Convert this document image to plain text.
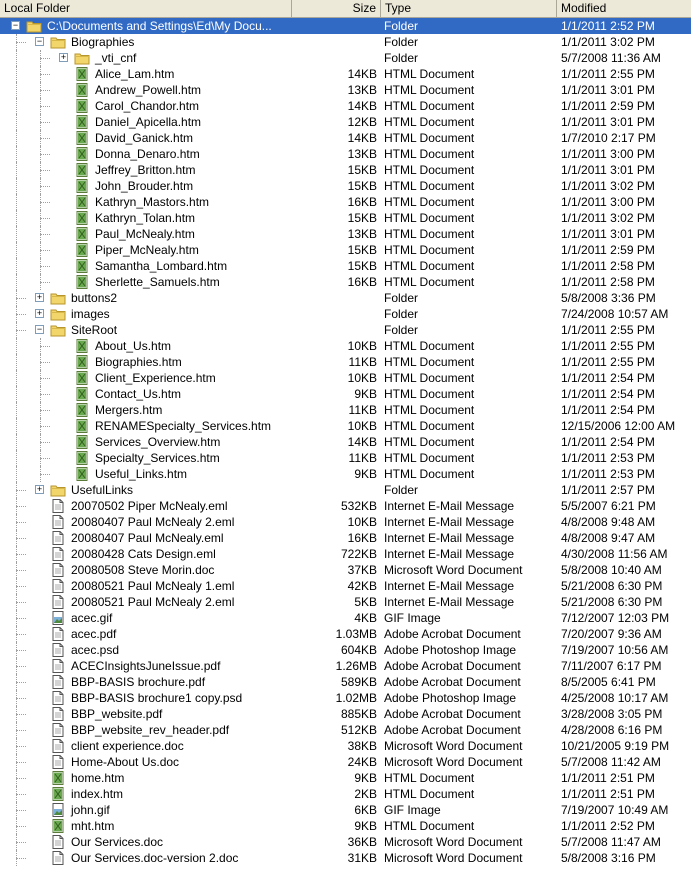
Local Folder	Size Type	Modified
− C:\Documents and Settings\Ed\My Docu...	Folder	1/1/2011 2:52 PM
− Biographies	Folder	1/1/2011 3:02 PM
+ _vti_cnf	Folder	5/7/2008 11:36 AM
Alice_Lam.htm	14KB HTML Document	1/1/2011 2:55 PM
Andrew_Powell.htm	13KB HTML Document	1/1/2011 3:01 PM
Carol_Chandor.htm	14KB HTML Document	1/1/2011 2:59 PM
Daniel_Apicella.htm	12KB HTML Document	1/1/2011 3:01 PM
David_Ganick.htm	14KB HTML Document	1/7/2010 2:17 PM
Donna_Denaro.htm	13KB HTML Document	1/1/2011 3:00 PM
Jeffrey_Britton.htm	15KB HTML Document	1/1/2011 3:01 PM
John_Brouder.htm	15KB HTML Document	1/1/2011 3:02 PM
Kathryn_Mastors.htm	16KB HTML Document	1/1/2011 3:00 PM
Kathryn_Tolan.htm	15KB HTML Document	1/1/2011 3:02 PM
Paul_McNealy.htm	13KB HTML Document	1/1/2011 3:01 PM
Piper_McNealy.htm	15KB HTML Document	1/1/2011 2:59 PM
Samantha_Lombard.htm	15KB HTML Document	1/1/2011 2:58 PM
Sherlette_Samuels.htm	16KB HTML Document	1/1/2011 2:58 PM
+ buttons2	Folder	5/8/2008 3:36 PM
+ images	Folder	7/24/2008 10:57 AM
− SiteRoot	Folder	1/1/2011 2:55 PM
About_Us.htm	10KB HTML Document	1/1/2011 2:55 PM
Biographies.htm	11KB HTML Document	1/1/2011 2:55 PM
Client_Experience.htm	10KB HTML Document	1/1/2011 2:54 PM
Contact_Us.htm	9KB HTML Document	1/1/2011 2:54 PM
Mergers.htm	11KB HTML Document	1/1/2011 2:54 PM
RENAMESpecialty_Services.htm	10KB HTML Document	12/15/2006 12:00 AM
Services_Overview.htm	14KB HTML Document	1/1/2011 2:54 PM
Specialty_Services.htm	11KB HTML Document	1/1/2011 2:53 PM
Useful_Links.htm	9KB HTML Document	1/1/2011 2:53 PM
+ UsefulLinks	Folder	1/1/2011 2:57 PM
20070502 Piper McNealy.eml	532KB Internet E-Mail Message	5/5/2007 6:21 PM
20080407 Paul McNealy 2.eml	10KB Internet E-Mail Message	4/8/2008 9:48 AM
20080407 Paul McNealy.eml	16KB Internet E-Mail Message	4/8/2008 9:47 AM
20080428 Cats Design.eml	722KB Internet E-Mail Message	4/30/2008 11:56 AM
20080508 Steve Morin.doc	37KB Microsoft Word Document	5/8/2008 10:40 AM
20080521 Paul McNealy 1.eml	42KB Internet E-Mail Message	5/21/2008 6:30 PM
20080521 Paul McNealy 2.eml	5KB Internet E-Mail Message	5/21/2008 6:30 PM
acec.gif	4KB GIF Image	7/12/2007 12:03 PM
acec.pdf	1.03MB Adobe Acrobat Document	7/20/2007 9:36 AM
acec.psd	604KB Adobe Photoshop Image	7/19/2007 10:56 AM
ACECInsightsJuneIssue.pdf	1.26MB Adobe Acrobat Document	7/11/2007 6:17 PM
BBP-BASIS brochure.pdf	589KB Adobe Acrobat Document	8/5/2005 6:41 PM
BBP-BASIS brochure1 copy.psd	1.02MB Adobe Photoshop Image	4/25/2008 10:17 AM
BBP_website.pdf	885KB Adobe Acrobat Document	3/28/2008 3:05 PM
BBP_website_rev_header.pdf	512KB Adobe Acrobat Document	4/28/2008 6:16 PM
client experience.doc	38KB Microsoft Word Document	10/21/2005 9:19 PM
Home-About Us.doc	24KB Microsoft Word Document	5/7/2008 11:42 AM
home.htm	9KB HTML Document	1/1/2011 2:51 PM
index.htm	2KB HTML Document	1/1/2011 2:51 PM
john.gif	6KB GIF Image	7/19/2007 10:49 AM
mht.htm	9KB HTML Document	1/1/2011 2:52 PM
Our Services.doc	36KB Microsoft Word Document	5/7/2008 11:47 AM
Our Services.doc-version 2.doc	31KB Microsoft Word Document	5/8/2008 3:16 PM
